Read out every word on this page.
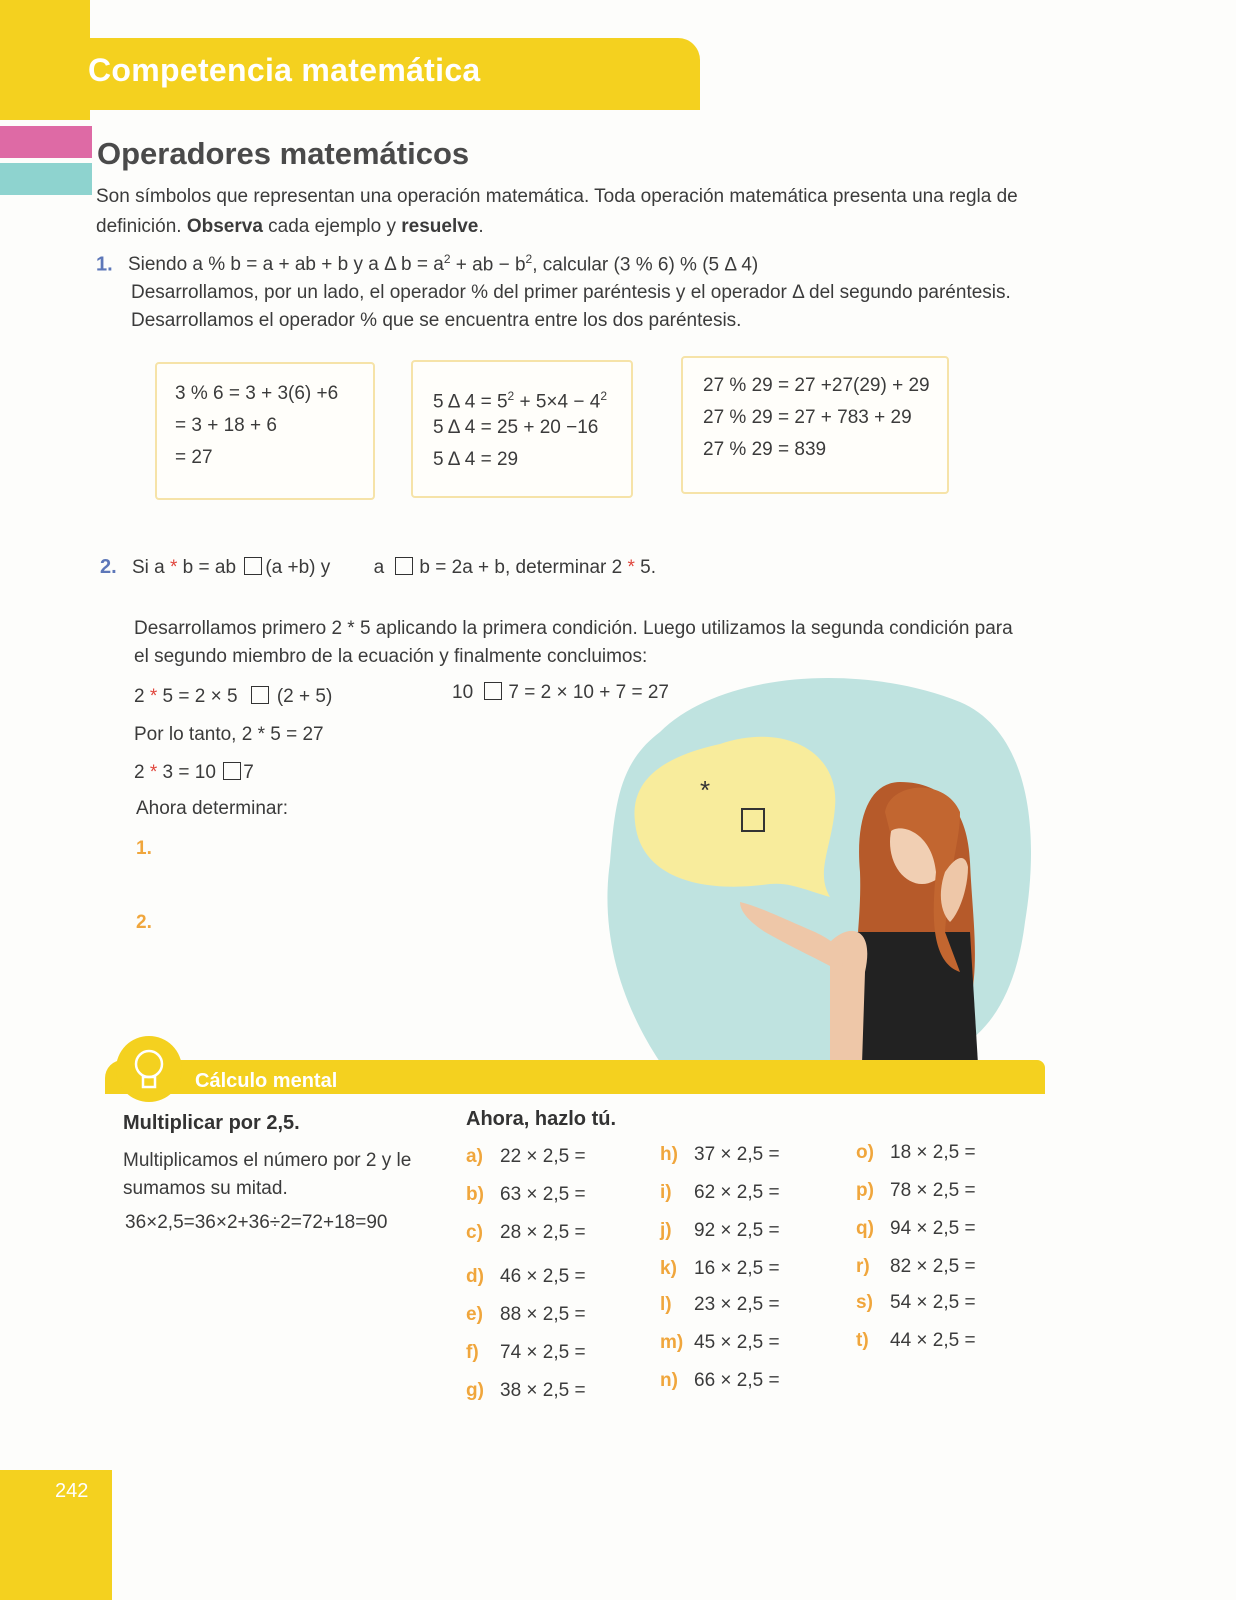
Competencia matemática
Operadores matemáticos
Son símbolos que representan una operación matemática. Toda operación matemática presenta una regla de
definición. Observa cada ejemplo y resuelve.
1. Siendo a % b = a + ab + b y a Δ $b = a^2$ + ab − $b^2$, calcular (3 % 6) % (5 Δ 4)
Desarrollamos, por un lado, el operador % del primer paréntesis y el operador Δ del segundo paréntesis.
Desarrollamos el operador % que se encuentra entre los dos paréntesis.
3 % 6 = 3 + 3(6) +6
= 3 + 18 + 6
= 27
5 Δ $4 = 5^2 + 5\times 4 - 4^2$
5 Δ 4 = 25 + 20 −16
5 Δ 4 = 29
27 % 29 = 27 +27(29) + 29
27 % 29 = 27 + 783 + 29
27 % 29 = 839
*
2. Si a * b = ab (a +b) y a b = 2a + b, determinar 2 * 5.
Desarrollamos primero 2 * 5 aplicando la primera condición. Luego utilizamos la segunda condición para
el segundo miembro de la ecuación y finalmente concluimos:
2 * 5 = 2 × 5 (2 + 5)	10 7 = 2 × 10 + 7 = 27
Por lo tanto, 2 * 5 = 27
2 * 3 = 10 7
Ahora determinar:
1.
2.
Cálculo mental
Multiplicar por 2,5.
Multiplicamos el número por 2 y le
sumamos su mitad.
36×2,5=36×2+36÷2=72+18=90
Ahora, hazlo tú.
a) 22 × 2,5 =
b) 63 × 2,5 =
c) 28 × 2,5 =
d) 46 × 2,5 =
e) 88 × 2,5 =
f) 74 × 2,5 =
g) 38 × 2,5 =
h) 37 × 2,5 =
i) 62 × 2,5 =
j) 92 × 2,5 =
k) 16 × 2,5 =
l) 23 × 2,5 =
m) 45 × 2,5 =
n) 66 × 2,5 =
o) 18 × 2,5 =
p) 78 × 2,5 =
q) 94 × 2,5 =
r) 82 × 2,5 =
s) 54 × 2,5 =
t) 44 × 2,5 =
242
